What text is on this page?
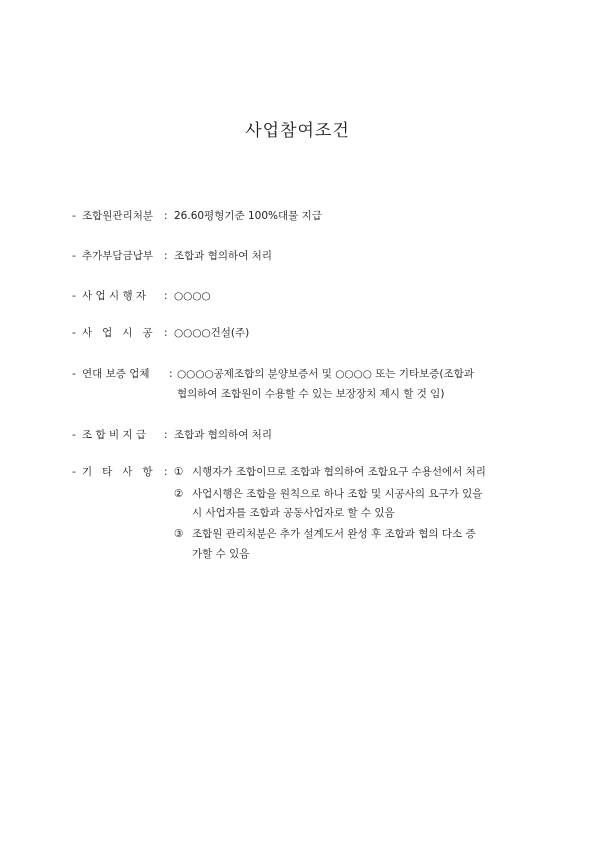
사업참여조건
- 조합원관리처분 : 26.60평형기준 100%대물 지급
- 추가부담금납부 : 조합과 협의하여 처리
- 사 업 시 행 자 : ○○○○
- 사   업   시   공 : ○○○○건설(주)
- 연대 보증 업체 : ○○○○공제조합의 분양보증서 및 ○○○○ 또는 기타보증(조합과
협의하여 조합원이 수용할 수 있는 보장장치 제시 할 것 임)
- 조 합 비 지 급 : 조합과 협의하여 처리
- 기   타   사   항 : ① 시행자가 조합이므로 조합과 협의하여 조합요구 수용선에서 처리
② 사업시행은 조합을 원칙으로 하나 조합 및 시공사의 요구가 있을
시 사업자를 조합과 공동사업자로 할 수 있음
③ 조합원 관리처분은 추가 설계도서 완성 후 조합과 협의 다소 증
가할 수 있음
